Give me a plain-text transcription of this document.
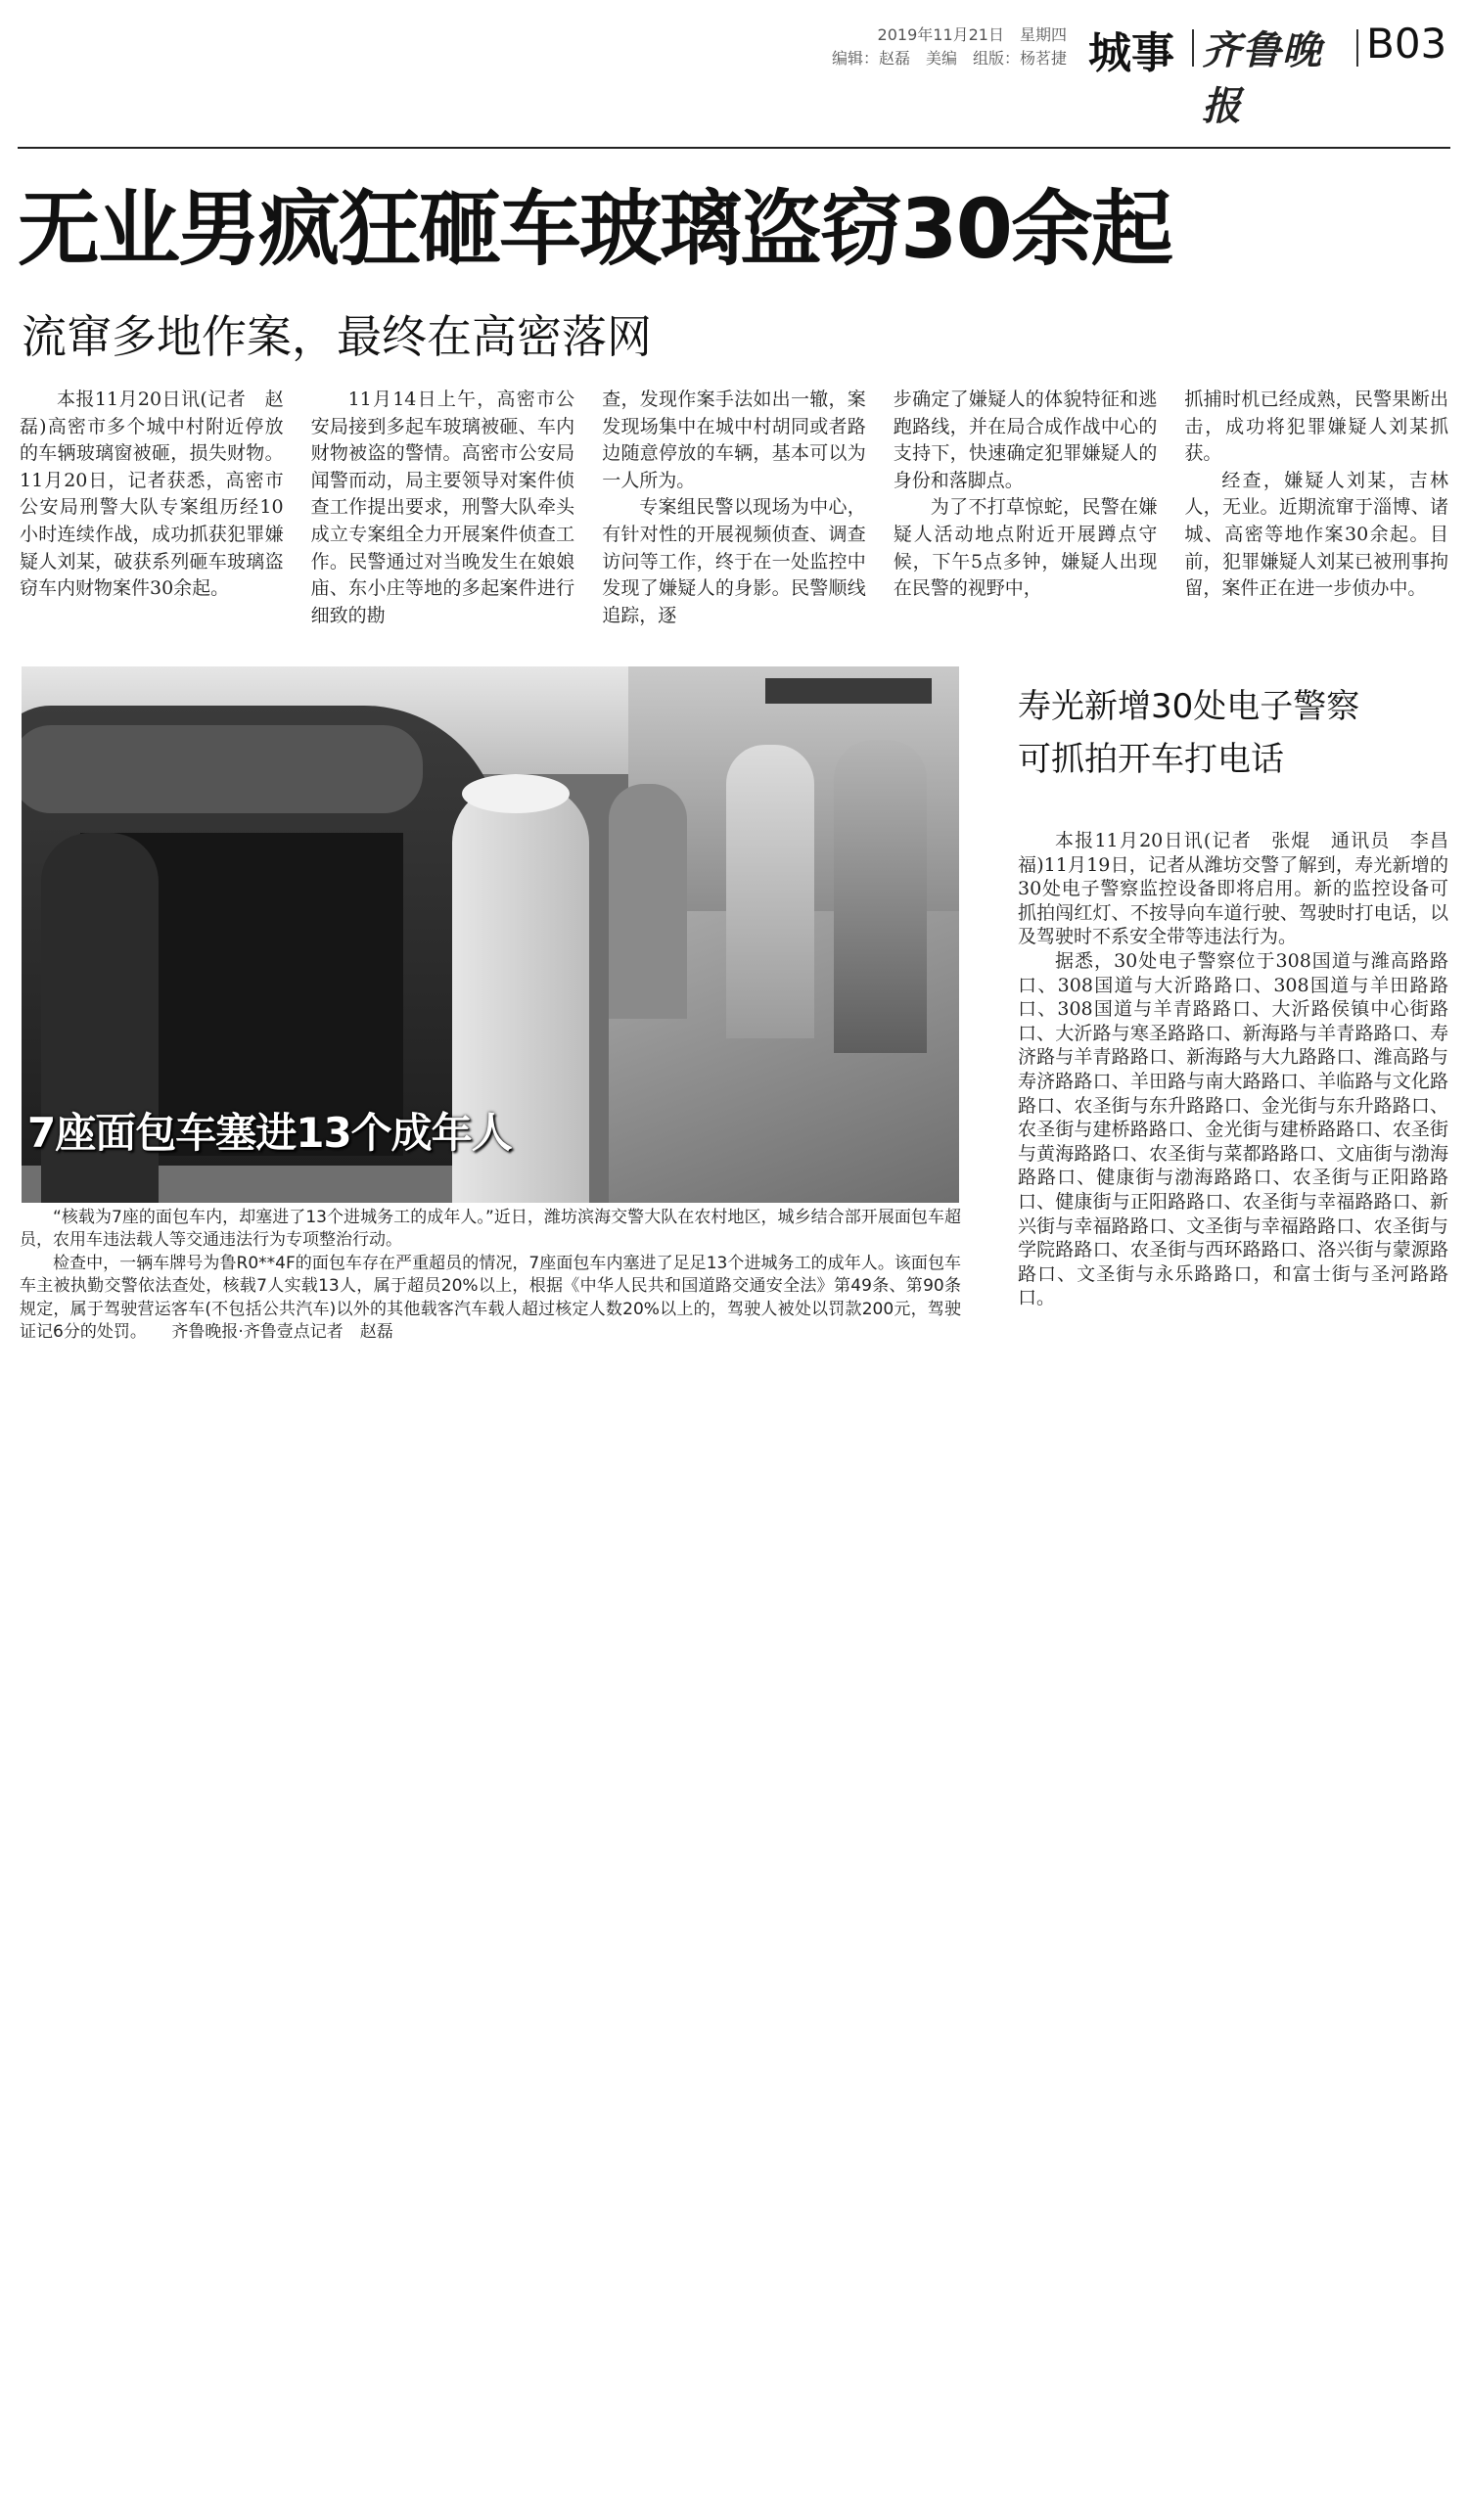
2019年11月21日　星期四
编辑：赵磊　美编　组版：杨茗捷 城事 齐鲁晚报
B03
无业男疯狂砸车玻璃盗窃30余起
流窜多地作案，最终在高密落网

本报11月20日讯(记者　赵磊)高密市多个城中村附近停放的车辆玻璃窗被砸，损失财物。11月20日，记者获悉，高密市公安局刑警大队专案组历经10小时连续作战，成功抓获犯罪嫌疑人刘某，破获系列砸车玻璃盗窃车内财物案件30余起。

11月14日上午，高密市公安局接到多起车玻璃被砸、车内财物被盗的警情。高密市公安局闻警而动，局主要领导对案件侦查工作提出要求，刑警大队牵头成立专案组全力开展案件侦查工作。民警通过对当晚发生在娘娘庙、东小庄等地的多起案件进行细致的勘

查，发现作案手法如出一辙，案发现场集中在城中村胡同或者路边随意停放的车辆，基本可以为一人所为。

专案组民警以现场为中心，有针对性的开展视频侦查、调查访问等工作，终于在一处监控中发现了嫌疑人的身影。民警顺线追踪，逐

步确定了嫌疑人的体貌特征和逃跑路线，并在局合成作战中心的支持下，快速确定犯罪嫌疑人的身份和落脚点。

为了不打草惊蛇，民警在嫌疑人活动地点附近开展蹲点守候，下午5点多钟，嫌疑人出现在民警的视野中，

抓捕时机已经成熟，民警果断出击，成功将犯罪嫌疑人刘某抓获。

经查，嫌疑人刘某，吉林人，无业。近期流窜于淄博、诸城、高密等地作案30余起。目前，犯罪嫌疑人刘某已被刑事拘留，案件正在进一步侦办中。

7座面包车塞进13个成年人

“核载为7座的面包车内，却塞进了13个进城务工的成年人。”近日，潍坊滨海交警大队在农村地区，城乡结合部开展面包车超员，农用车违法载人等交通违法行为专项整治行动。

检查中，一辆车牌号为鲁R0**4F的面包车存在严重超员的情况，7座面包车内塞进了足足13个进城务工的成年人。该面包车车主被执勤交警依法查处，核载7人实载13人，属于超员20%以上，根据《中华人民共和国道路交通安全法》第49条、第90条规定，属于驾驶营运客车(不包括公共汽车)以外的其他载客汽车载人超过核定人数20%以上的，驾驶人被处以罚款200元，驾驶证记6分的处罚。　　齐鲁晚报·齐鲁壹点记者　赵磊

寿光新增30处电子警察
可抓拍开车打电话

本报11月20日讯(记者　张焜　通讯员　李昌福)11月19日，记者从潍坊交警了解到，寿光新增的30处电子警察监控设备即将启用。新的监控设备可抓拍闯红灯、不按导向车道行驶、驾驶时打电话，以及驾驶时不系安全带等违法行为。

据悉，30处电子警察位于308国道与潍高路路口、308国道与大沂路路口、308国道与羊田路路口、308国道与羊青路路口、大沂路侯镇中心街路口、大沂路与寒圣路路口、新海路与羊青路路口、寿济路与羊青路路口、新海路与大九路路口、潍高路与寿济路路口、羊田路与南大路路口、羊临路与文化路路口、农圣街与东升路路口、金光街与东升路路口、农圣街与建桥路路口、金光街与建桥路路口、农圣街与黄海路路口、农圣街与菜都路路口、文庙街与渤海路路口、健康街与渤海路路口、农圣街与正阳路路口、健康街与正阳路路口、农圣街与幸福路路口、新兴街与幸福路路口、文圣街与幸福路路口、农圣街与学院路路口、农圣街与西环路路口、洛兴街与蒙源路路口、文圣街与永乐路路口，和富士街与圣河路路口。
